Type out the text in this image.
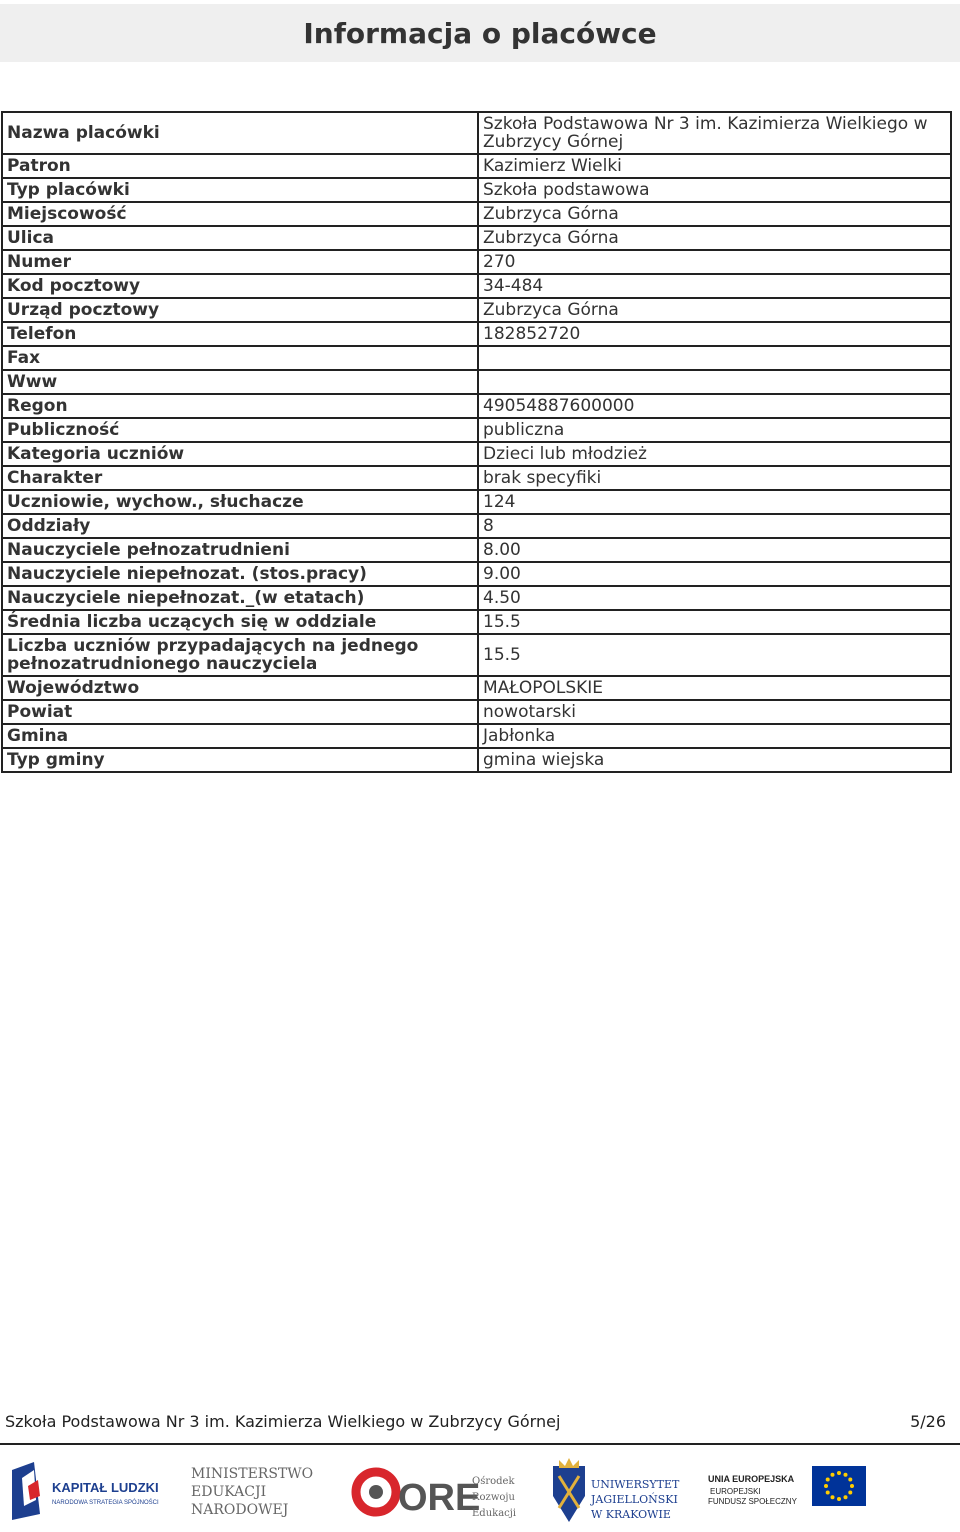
Informacja o placówce
Nazwa placówki	Szkoła Podstawowa Nr 3 im. Kazimierza Wielkiego w Zubrzycy Górnej
Patron	Kazimierz Wielki
Typ placówki	Szkoła podstawowa
Miejscowość	Zubrzyca Górna
Ulica	Zubrzyca Górna
Numer	270
Kod pocztowy	34-484
Urząd pocztowy	Zubrzyca Górna
Telefon	182852720
Fax	
Www	
Regon	49054887600000
Publiczność	publiczna
Kategoria uczniów	Dzieci lub młodzież
Charakter	brak specyfiki
Uczniowie, wychow., słuchacze	124
Oddziały	8
Nauczyciele pełnozatrudnieni	8.00
Nauczyciele niepełnozat. (stos.pracy)	9.00
Nauczyciele niepełnozat._(w etatach)	4.50
Średnia liczba uczących się w oddziale	15.5
Liczba uczniów przypadających na jednego pełnozatrudnionego nauczyciela	15.5
Województwo	MAŁOPOLSKIE
Powiat	nowotarski
Gmina	Jabłonka
Typ gminy	gmina wiejska
Szkoła Podstawowa Nr 3 im. Kazimierza Wielkiego w Zubrzycy Górnej	5/26
KAPITAŁ LUDZKI
NARODOWA STRATEGIA SPÓJNOŚCI
MINISTERSTWO
EDUKACJI
NARODOWEJ	ORE
Ośrodek
Rozwoju
Edukacji
UNIWERSYTET
JAGIELLOŃSKI
W KRAKOWIE
UNIA EUROPEJSKA
EUROPEJSKI
FUNDUSZ SPOŁECZNY
